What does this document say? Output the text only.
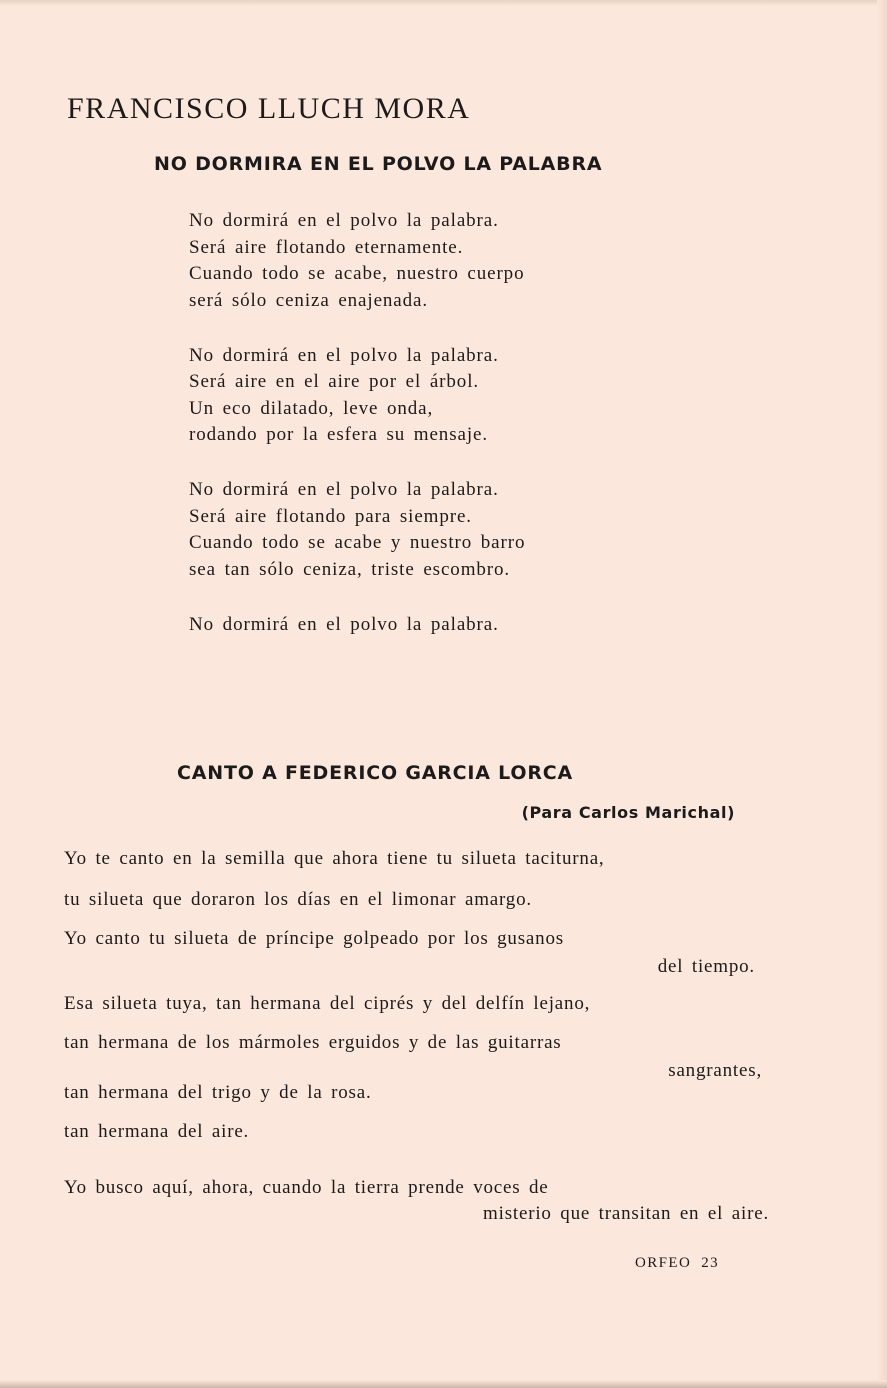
FRANCISCO LLUCH MORA
NO DORMIRA EN EL POLVO LA PALABRA

No dormirá en el polvo la palabra.
Será aire flotando eternamente.
Cuando todo se acabe, nuestro cuerpo
será sólo ceniza enajenada.

No dormirá en el polvo la palabra.
Será aire en el aire por el árbol.
Un eco dilatado, leve onda,
rodando por la esfera su mensaje.

No dormirá en el polvo la palabra.
Será aire flotando para siempre.
Cuando todo se acabe y nuestro barro
sea tan sólo ceniza, triste escombro.

No dormirá en el polvo la palabra.

CANTO A FEDERICO GARCIA LORCA
(Para Carlos Marichal)
Yo te canto en la semilla que ahora tiene tu silueta taciturna,
tu silueta que doraron los días en el limonar amargo.
Yo canto tu silueta de príncipe golpeado por los gusanos
del tiempo.
Esa silueta tuya, tan hermana del ciprés y del delfín lejano,
tan hermana de los mármoles erguidos y de las guitarras
sangrantes,
tan hermana del trigo y de la rosa.
tan hermana del aire.
Yo busco aquí, ahora, cuando la tierra prende voces de
misterio que transitan en el aire.
ORFEO 23
